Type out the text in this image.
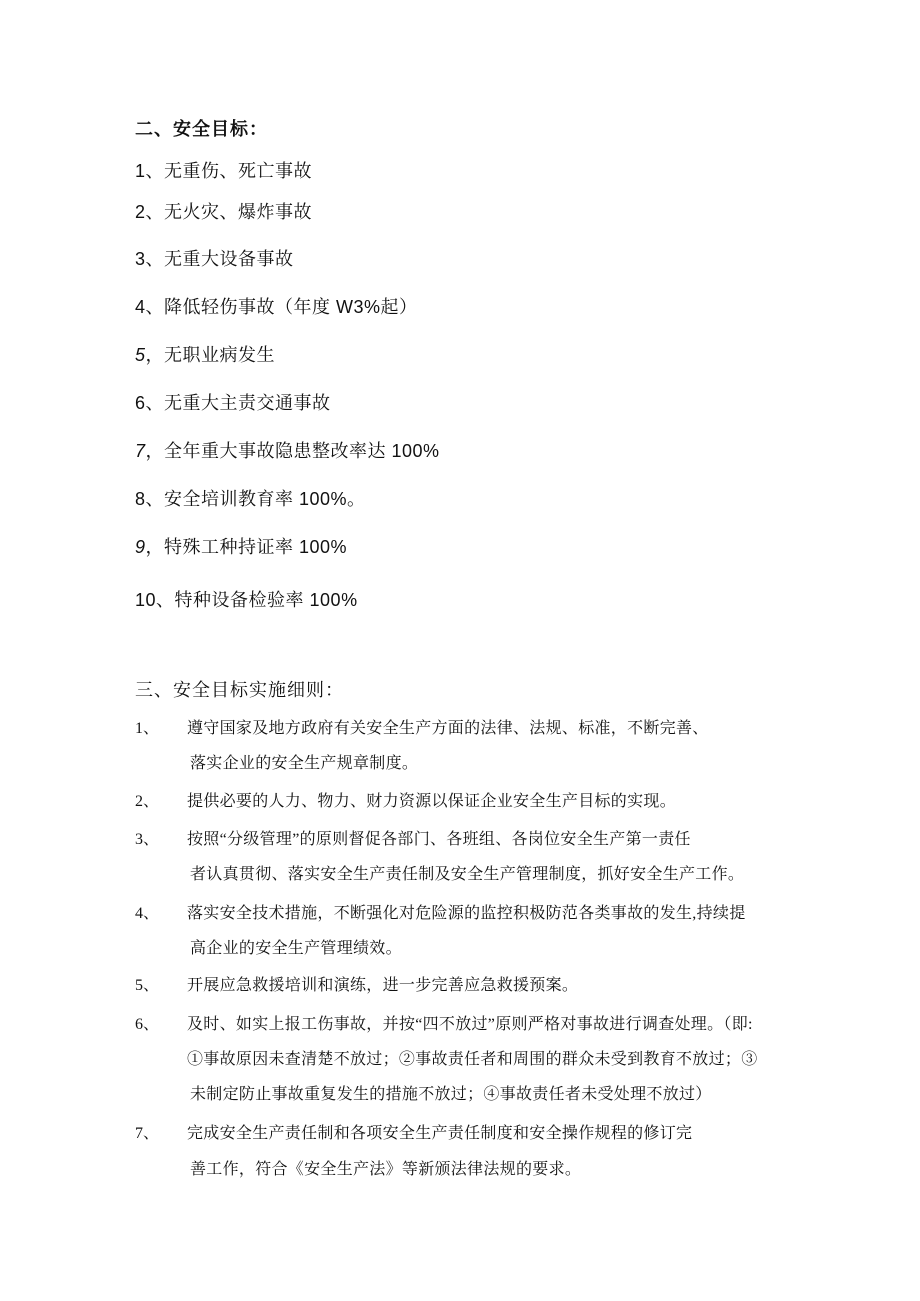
二、安全目标：
1、无重伤、死亡事故
2、无火灾、爆炸事故
3、无重大设备事故
4、降低轻伤事故（年度 W3%起）
5，无职业病发生
6、无重大主责交通事故
7，全年重大事故隐患整改率达 100%
8、安全培训教育率 100%。
9，特殊工种持证率 100%
10、特种设备检验率 100%
三、安全目标实施细则：
1、 遵守国家及地方政府有关安全生产方面的法律、法规、标准，不断完善、
落实企业的安全生产规章制度。
2、 提供必要的人力、物力、财力资源以保证企业安全生产目标的实现。
3、 按照“分级管理”的原则督促各部门、各班组、各岗位安全生产第一责任
者认真贯彻、落实安全生产责任制及安全生产管理制度，抓好安全生产工作。
4、 落实安全技术措施，不断强化对危险源的监控积极防范各类事故的发生,持续提
高企业的安全生产管理绩效。
5、 开展应急救援培训和演练，进一步完善应急救援预案。
6、 及时、如实上报工伤事故，并按“四不放过”原则严格对事故进行调查处理。（即:
①事故原因未查清楚不放过；②事故责任者和周围的群众未受到教育不放过；③
未制定防止事故重复发生的措施不放过；④事故责任者未受处理不放过）
7、 完成安全生产责任制和各项安全生产责任制度和安全操作规程的修订完
善工作，符合《安全生产法》等新颁法律法规的要求。
